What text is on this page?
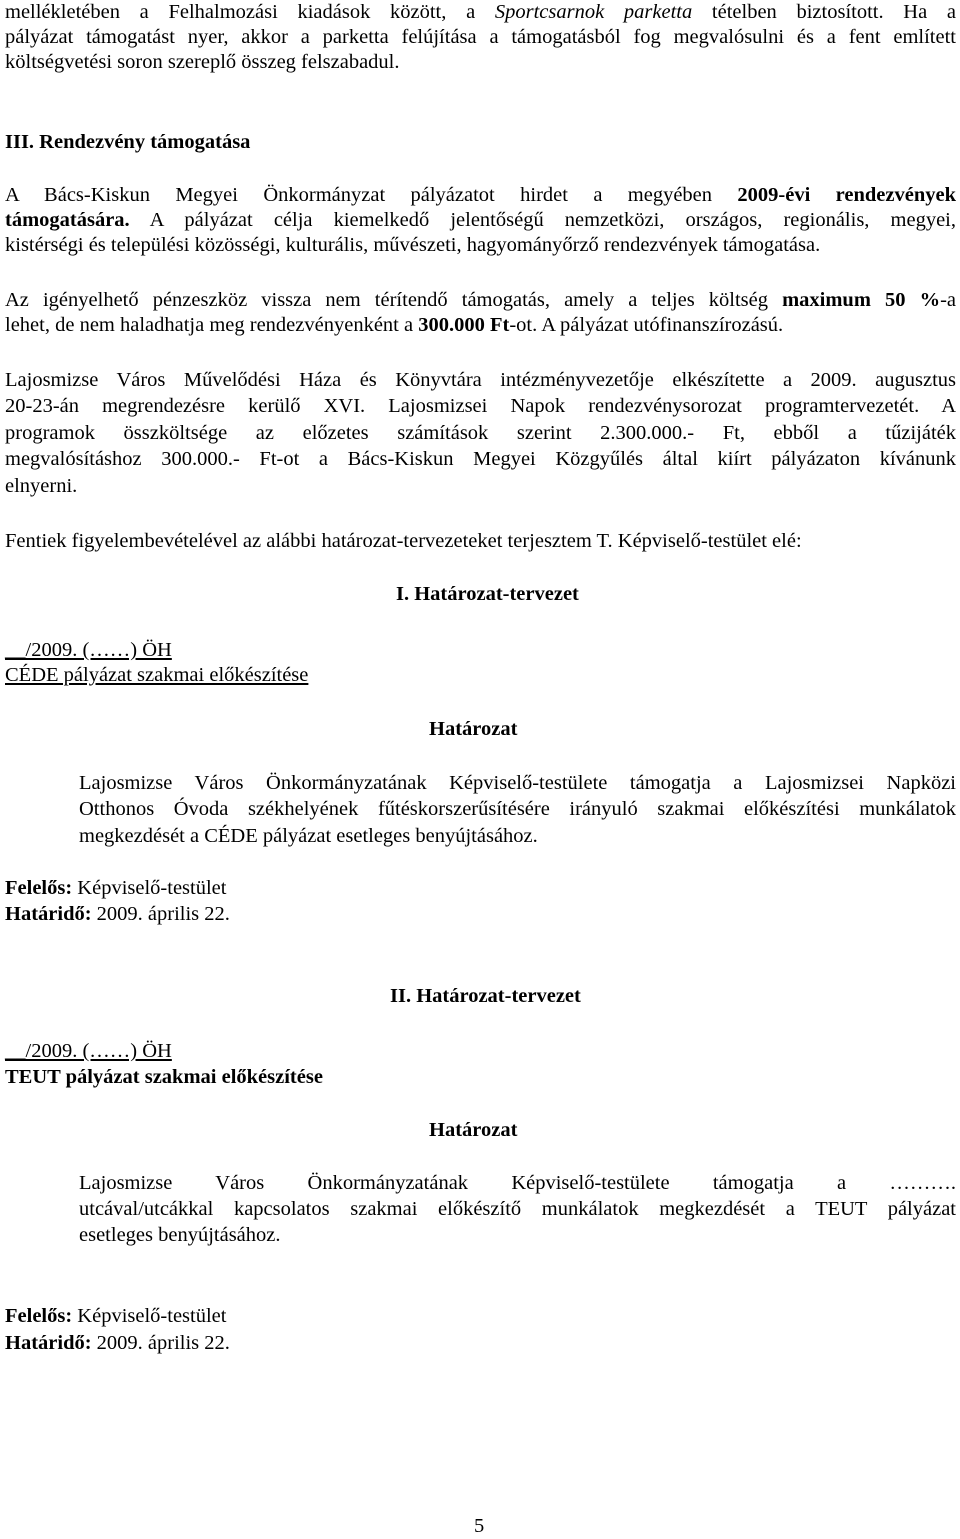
mellékletében a Felhalmozási kiadások között, a Sportcsarnok parketta tételben biztosított. Ha a

pályázat támogatást nyer, akkor a parketta felújítása a támogatásból fog megvalósulni és a fent említett

költségvetési soron szereplő összeg felszabadul.

III. Rendezvény támogatása

A Bács-Kiskun Megyei Önkormányzat pályázatot hirdet a megyében 2009-évi rendezvények

támogatására. A pályázat célja kiemelkedő jelentőségű nemzetközi, országos, regionális, megyei,

kistérségi és települési közösségi, kulturális, művészeti, hagyományőrző rendezvények támogatása.

Az igényelhető pénzeszköz vissza nem térítendő támogatás, amely a teljes költség maximum 50 %-a

lehet, de nem haladhatja meg rendezvényenként a 300.000 Ft-ot. A pályázat utófinanszírozású.

Lajosmizse Város Művelődési Háza és Könyvtára intézményvezetője elkészítette a 2009. augusztus

20-23-án megrendezésre kerülő XVI. Lajosmizsei Napok rendezvénysorozat programtervezetét. A

programok összköltsége az előzetes számítások szerint 2.300.000.- Ft, ebből a tűzijáték

megvalósításhoz 300.000.- Ft-ot a Bács-Kiskun Megyei Közgyűlés által kiírt pályázaton kívánunk

elnyerni.

Fentiek figyelembevételével az alábbi határozat-tervezeteket terjesztem T. Képviselő-testület elé:

I. Határozat-tervezet

__/2009. (……) ÖH

CÉDE pályázat szakmai előkészítése

Határozat

Lajosmizse Város Önkormányzatának Képviselő-testülete támogatja a Lajosmizsei Napközi

Otthonos Óvoda székhelyének fűtéskorszerűsítésére irányuló szakmai előkészítési munkálatok

megkezdését a CÉDE pályázat esetleges benyújtásához.

Felelős: Képviselő-testület

Határidő: 2009. április 22.

II. Határozat-tervezet

__/2009. (……) ÖH

TEUT pályázat szakmai előkészítése

Határozat

Lajosmizse Város Önkormányzatának Képviselő-testülete támogatja a ……….

utcával/utcákkal kapcsolatos szakmai előkészítő munkálatok megkezdését a TEUT pályázat

esetleges benyújtásához.

Felelős: Képviselő-testület

Határidő: 2009. április 22.

5
